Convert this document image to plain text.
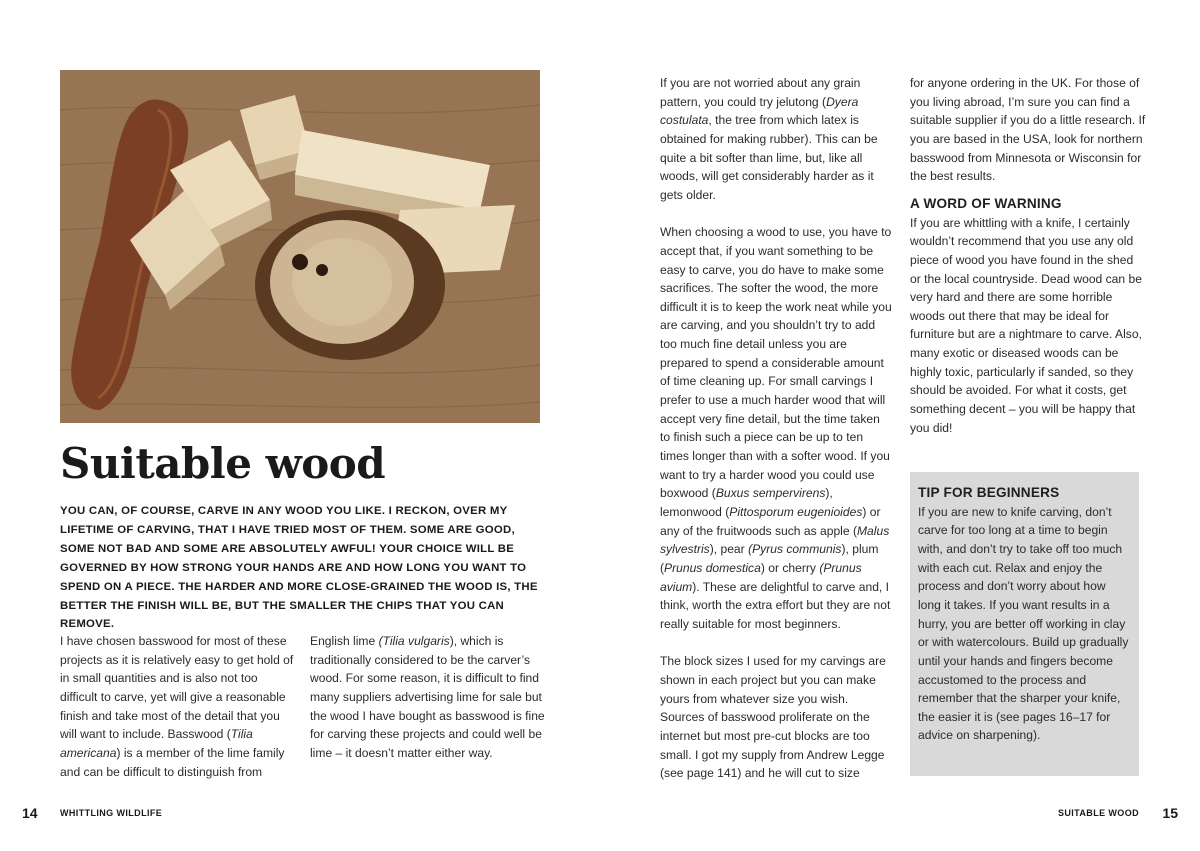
Suitable wood

YOU CAN, OF COURSE, CARVE IN ANY WOOD YOU LIKE. I RECKON, OVER MY LIFETIME OF CARVING, THAT I HAVE TRIED MOST OF THEM. SOME ARE GOOD, SOME NOT BAD AND SOME ARE ABSOLUTELY AWFUL! YOUR CHOICE WILL BE GOVERNED BY HOW STRONG YOUR HANDS ARE AND HOW LONG YOU WANT TO SPEND ON A PIECE. THE HARDER AND MORE CLOSE-GRAINED THE WOOD IS, THE BETTER THE FINISH WILL BE, BUT THE SMALLER THE CHIPS THAT YOU CAN REMOVE.

I have chosen basswood for most of these projects as it is relatively easy to get hold of in small quantities and is also not too difficult to carve, yet will give a reasonable finish and take most of the detail that you will want to include. Basswood (Tilia americana) is a member of the lime family and can be difficult to distinguish from

English lime (Tilia vulgaris), which is traditionally considered to be the carver’s wood. For some reason, it is difficult to find many suppliers advertising lime for sale but the wood I have bought as basswood is fine for carving these projects and could well be lime – it doesn’t matter either way.

If you are not worried about any grain pattern, you could try jelutong (Dyera costulata, the tree from which latex is obtained for making rubber). This can be quite a bit softer than lime, but, like all woods, will get considerably harder as it gets older.

When choosing a wood to use, you have to accept that, if you want something to be easy to carve, you do have to make some sacrifices. The softer the wood, the more difficult it is to keep the work neat while you are carving, and you shouldn’t try to add too much fine detail unless you are prepared to spend a considerable amount of time cleaning up. For small carvings I prefer to use a much harder wood that will accept very fine detail, but the time taken to finish such a piece can be up to ten times longer than with a softer wood. If you want to try a harder wood you could use boxwood (Buxus sempervirens), lemonwood (Pittosporum eugenioides) or any of the fruitwoods such as apple (Malus sylvestris), pear (Pyrus communis), plum (Prunus domestica) or cherry (Prunus avium). These are delightful to carve and, I think, worth the extra effort but they are not really suitable for most beginners.

The block sizes I used for my carvings are shown in each project but you can make yours from whatever size you wish. Sources of basswood proliferate on the internet but most pre-cut blocks are too small. I got my supply from Andrew Legge (see page 141) and he will cut to size

for anyone ordering in the UK. For those of you living abroad, I’m sure you can find a suitable supplier if you do a little research. If you are based in the USA, look for northern basswood from Minnesota or Wisconsin for the best results.

A WORD OF WARNING

If you are whittling with a knife, I certainly wouldn’t recommend that you use any old piece of wood you have found in the shed or the local countryside. Dead wood can be very hard and there are some horrible woods out there that may be ideal for furniture but are a nightmare to carve. Also, many exotic or diseased woods can be highly toxic, particularly if sanded, so they should be avoided. For what it costs, get something decent – you will be happy that you did!

TIP FOR BEGINNERS

If you are new to knife carving, don’t carve for too long at a time to begin with, and don’t try to take off too much with each cut. Relax and enjoy the process and don’t worry about how long it takes. If you want results in a hurry, you are better off working in clay or with watercolours. Build up gradually until your hands and fingers become accustomed to the process and remember that the sharper your knife, the easier it is (see pages 16–17 for advice on sharpening).

14 WHITTLING WILDLIFE	SUITABLE WOOD 15
